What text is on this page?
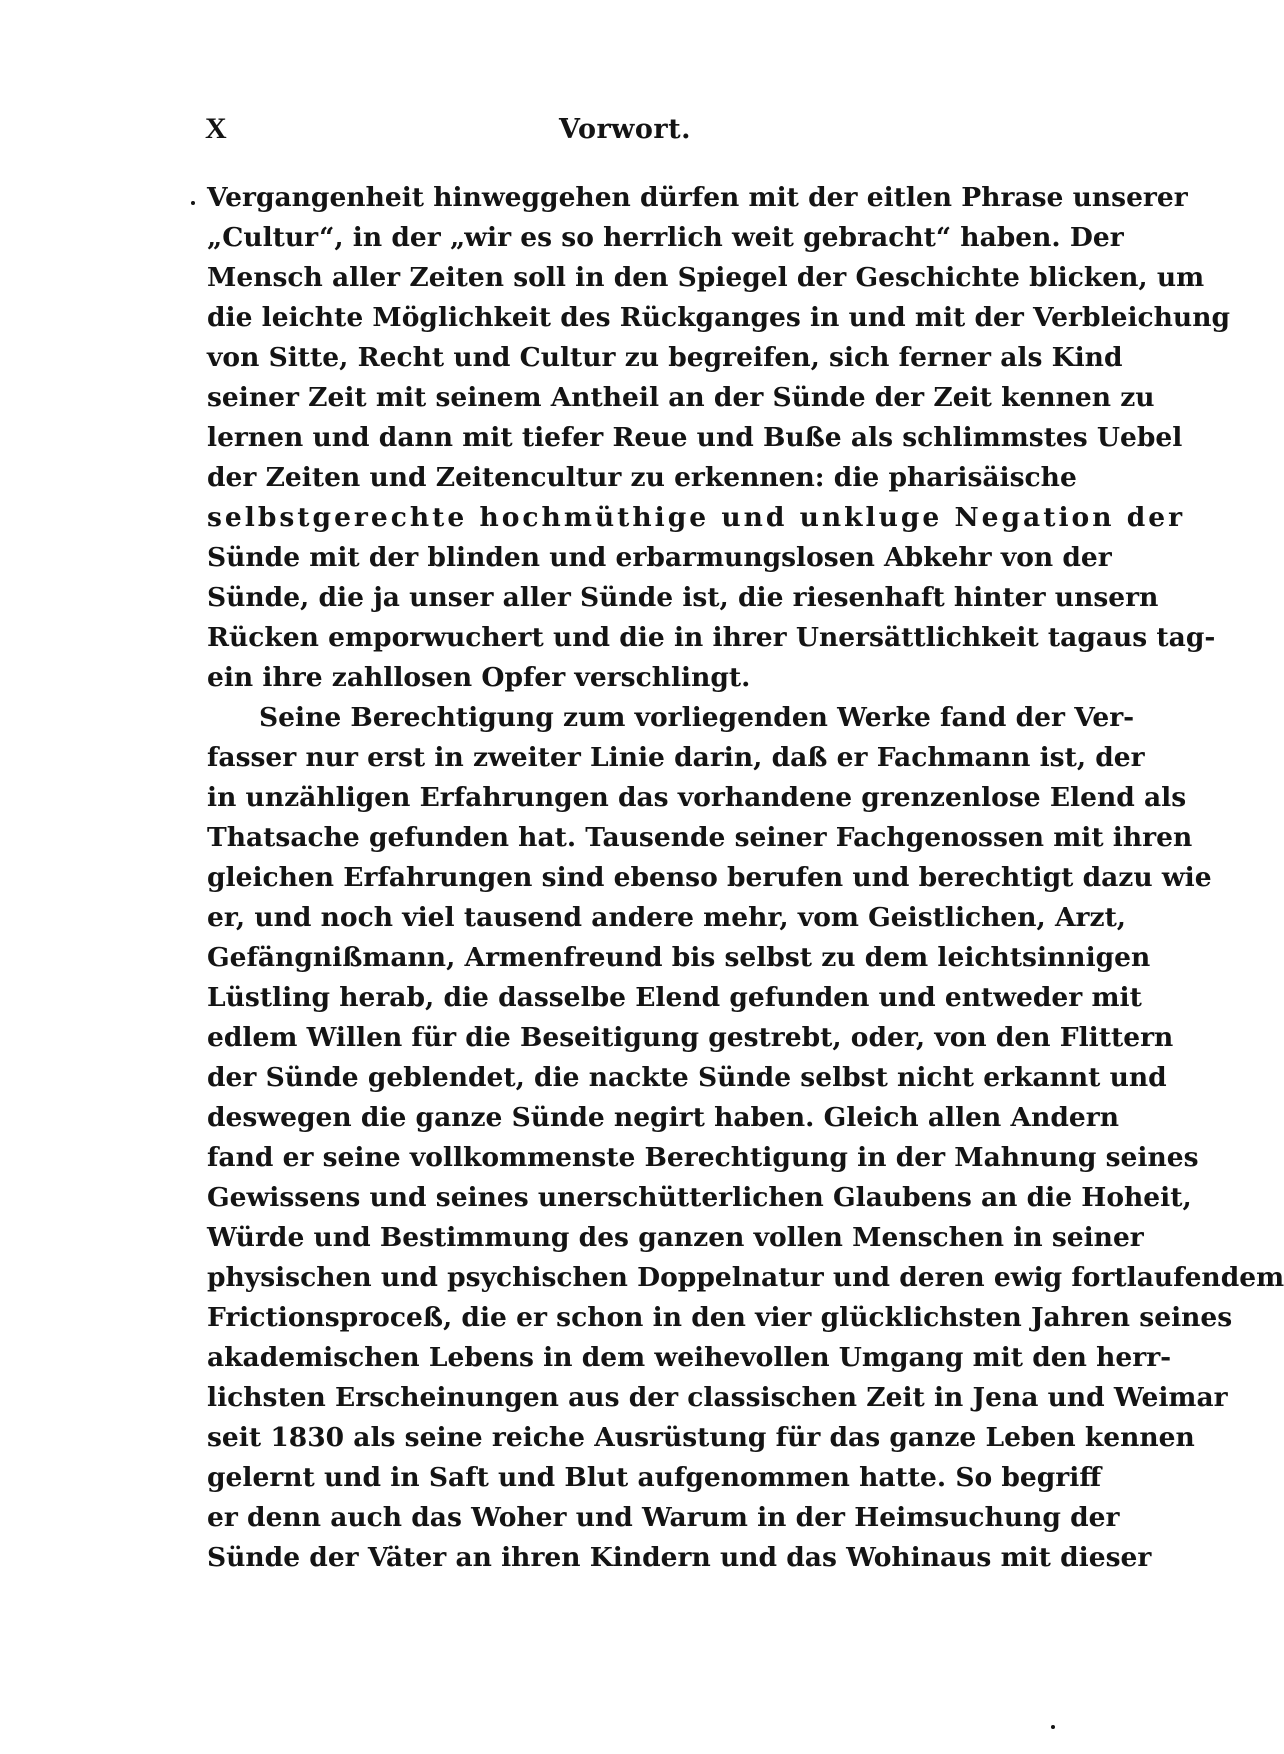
X	Vorwort.
Vergangenheit hinweggehen dürfen mit der eitlen Phrase unserer
„Cultur“, in der „wir es so herrlich weit gebracht“ haben. Der
Mensch aller Zeiten soll in den Spiegel der Geschichte blicken, um
die leichte Möglichkeit des Rückganges in und mit der Verbleichung
von Sitte, Recht und Cultur zu begreifen, sich ferner als Kind
seiner Zeit mit seinem Antheil an der Sünde der Zeit kennen zu
lernen und dann mit tiefer Reue und Buße als schlimmstes Uebel
der Zeiten und Zeitencultur zu erkennen: die pharisäische
selbstgerechte hochmüthige und unkluge Negation der
Sünde mit der blinden und erbarmungslosen Abkehr von der
Sünde, die ja unser aller Sünde ist, die riesenhaft hinter unsern
Rücken emporwuchert und die in ihrer Unersättlichkeit tagaus tag-
ein ihre zahllosen Opfer verschlingt.
Seine Berechtigung zum vorliegenden Werke fand der Ver-
fasser nur erst in zweiter Linie darin, daß er Fachmann ist, der
in unzähligen Erfahrungen das vorhandene grenzenlose Elend als
Thatsache gefunden hat. Tausende seiner Fachgenossen mit ihren
gleichen Erfahrungen sind ebenso berufen und berechtigt dazu wie
er, und noch viel tausend andere mehr, vom Geistlichen, Arzt,
Gefängnißmann, Armenfreund bis selbst zu dem leichtsinnigen
Lüstling herab, die dasselbe Elend gefunden und entweder mit
edlem Willen für die Beseitigung gestrebt, oder, von den Flittern
der Sünde geblendet, die nackte Sünde selbst nicht erkannt und
deswegen die ganze Sünde negirt haben. Gleich allen Andern
fand er seine vollkommenste Berechtigung in der Mahnung seines
Gewissens und seines unerschütterlichen Glaubens an die Hoheit,
Würde und Bestimmung des ganzen vollen Menschen in seiner
physischen und psychischen Doppelnatur und deren ewig fortlaufendem
Frictionsproceß, die er schon in den vier glücklichsten Jahren seines
akademischen Lebens in dem weihevollen Umgang mit den herr-
lichsten Erscheinungen aus der classischen Zeit in Jena und Weimar
seit 1830 als seine reiche Ausrüstung für das ganze Leben kennen
gelernt und in Saft und Blut aufgenommen hatte. So begriff
er denn auch das Woher und Warum in der Heimsuchung der
Sünde der Väter an ihren Kindern und das Wohinaus mit dieser
